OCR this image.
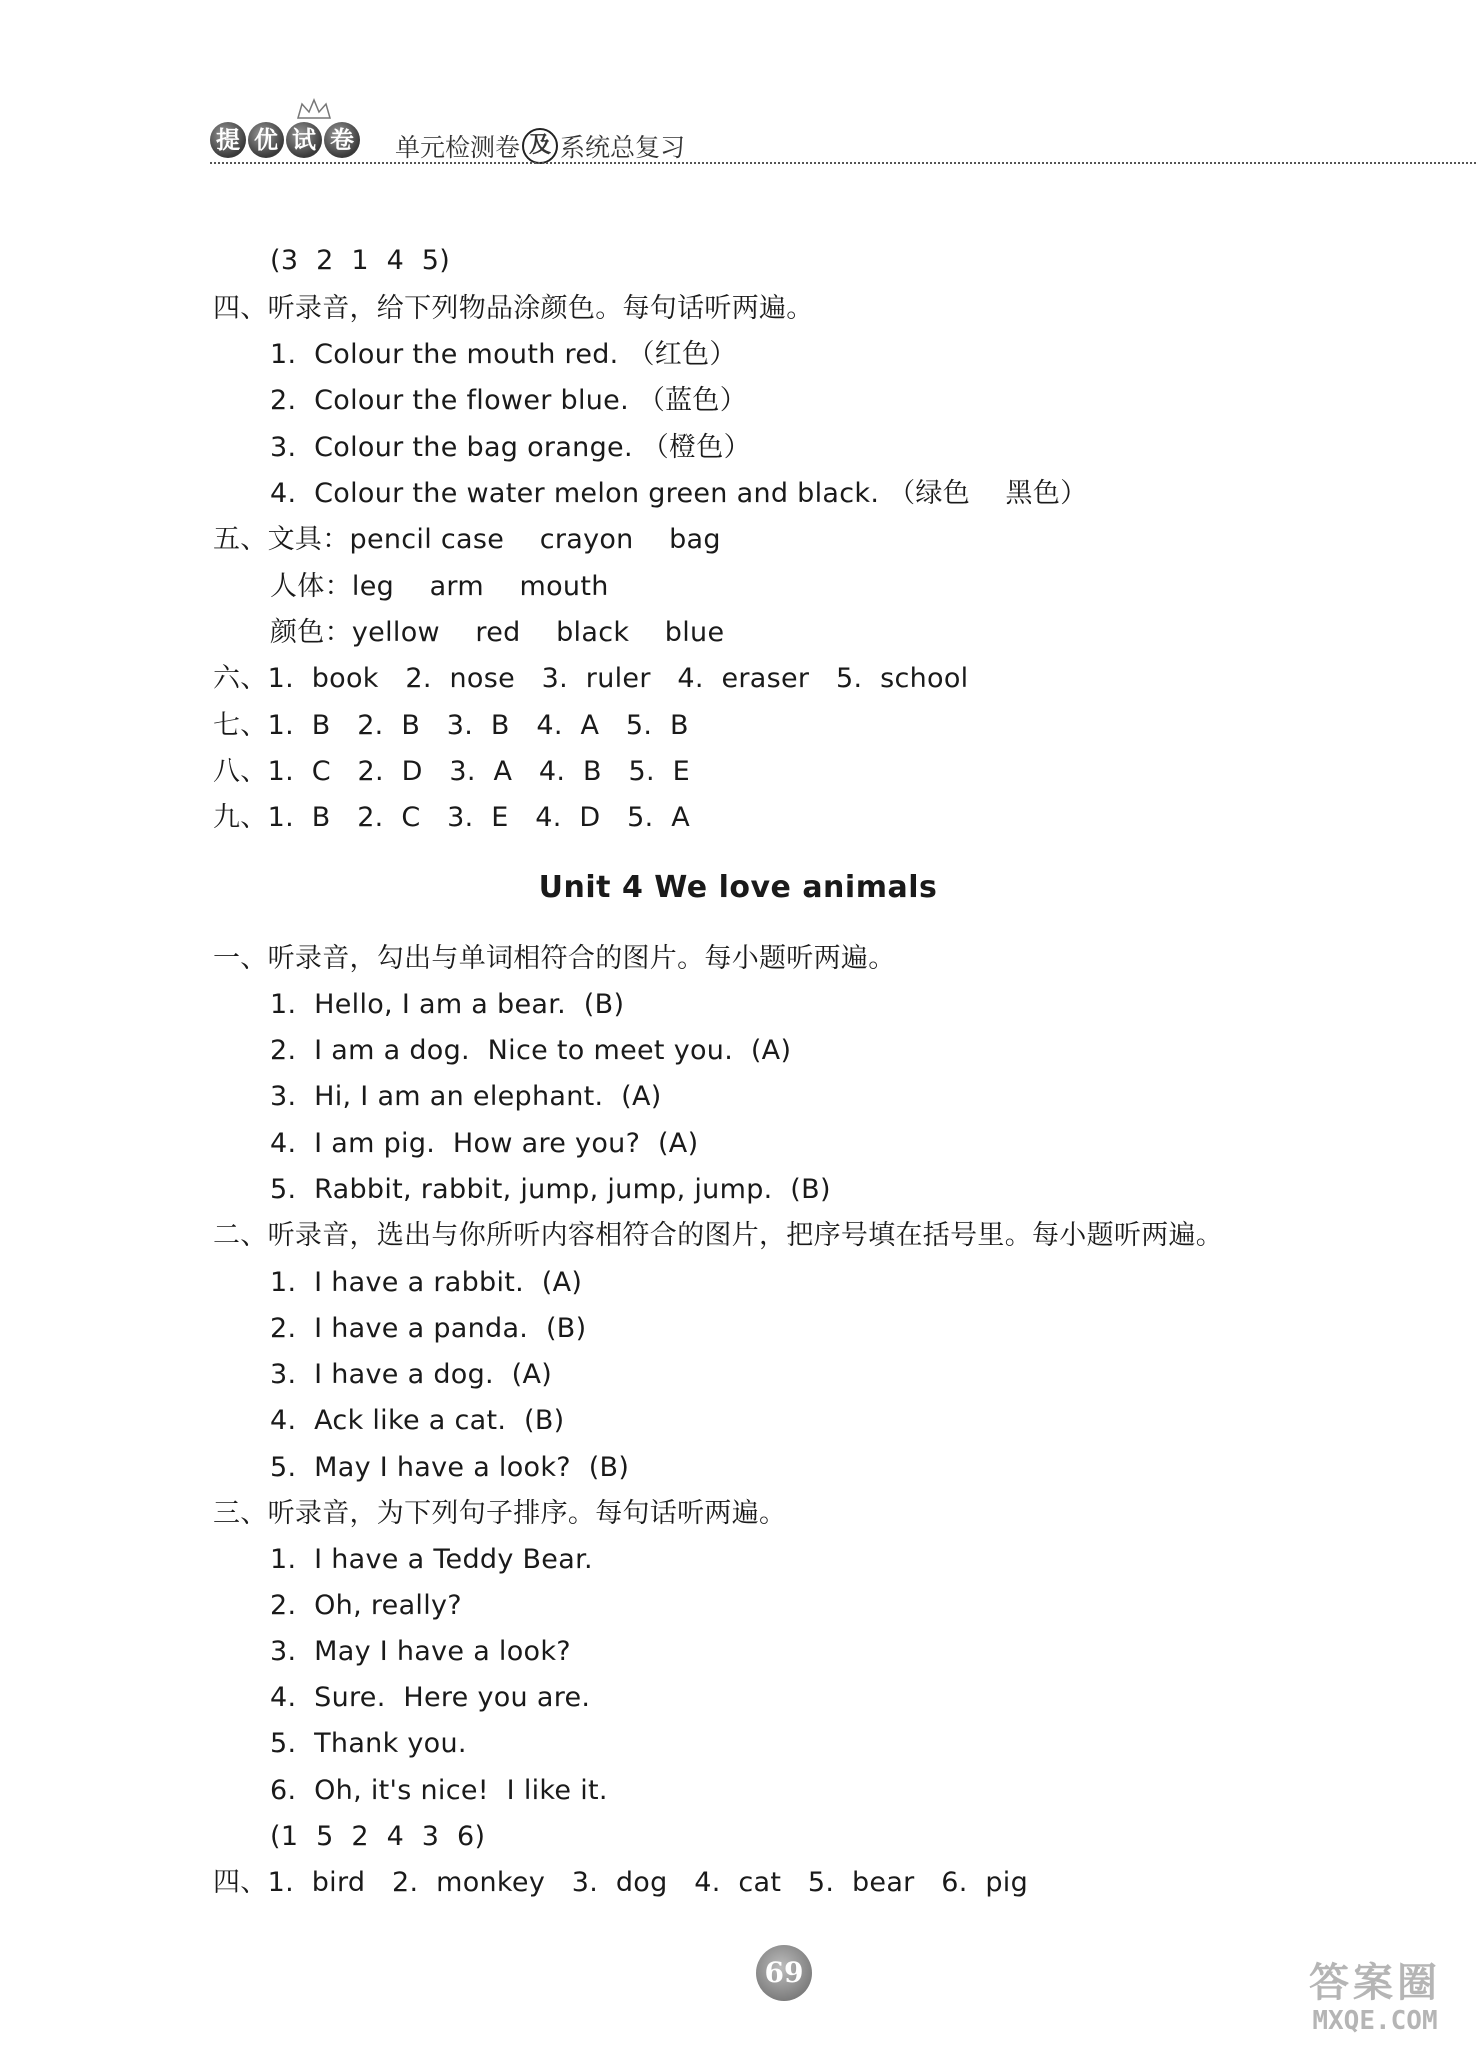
提 优 试 卷 单元检测卷 及 系统总复习
(3  2  1  4  5)
四、听录音，给下列物品涂颜色。每句话听两遍。
1.  Colour the mouth red. （红色）
2.  Colour the flower blue. （蓝色）
3.  Colour the bag orange. （橙色）
4.  Colour the water melon green and black. （绿色    黑色）
五、文具：pencil case    crayon    bag
人体：leg    arm    mouth
颜色：yellow    red    black    blue
六、1.  book   2.  nose   3.  ruler   4.  eraser   5.  school
七、1.  B   2.  B   3.  B   4.  A   5.  B
八、1.  C   2.  D   3.  A   4.  B   5.  E
九、1.  B   2.  C   3.  E   4.  D   5.  A
Unit 4 We love animals
一、听录音，勾出与单词相符合的图片。每小题听两遍。
1.  Hello, I am a bear.  (B)
2.  I am a dog.  Nice to meet you.  (A)
3.  Hi, I am an elephant.  (A)
4.  I am pig.  How are you?  (A)
5.  Rabbit, rabbit, jump, jump, jump.  (B)
二、听录音，选出与你所听内容相符合的图片，把序号填在括号里。每小题听两遍。
1.  I have a rabbit.  (A)
2.  I have a panda.  (B)
3.  I have a dog.  (A)
4.  Ack like a cat.  (B)
5.  May I have a look?  (B)
三、听录音，为下列句子排序。每句话听两遍。
1.  I have a Teddy Bear.
2.  Oh, really?
3.  May I have a look?
4.  Sure.  Here you are.
5.  Thank you.
6.  Oh, it's nice!  I like it.
(1  5  2  4  3  6)
四、1.  bird   2.  monkey   3.  dog   4.  cat   5.  bear   6.  pig
69	答案圈
MXQE.COM
